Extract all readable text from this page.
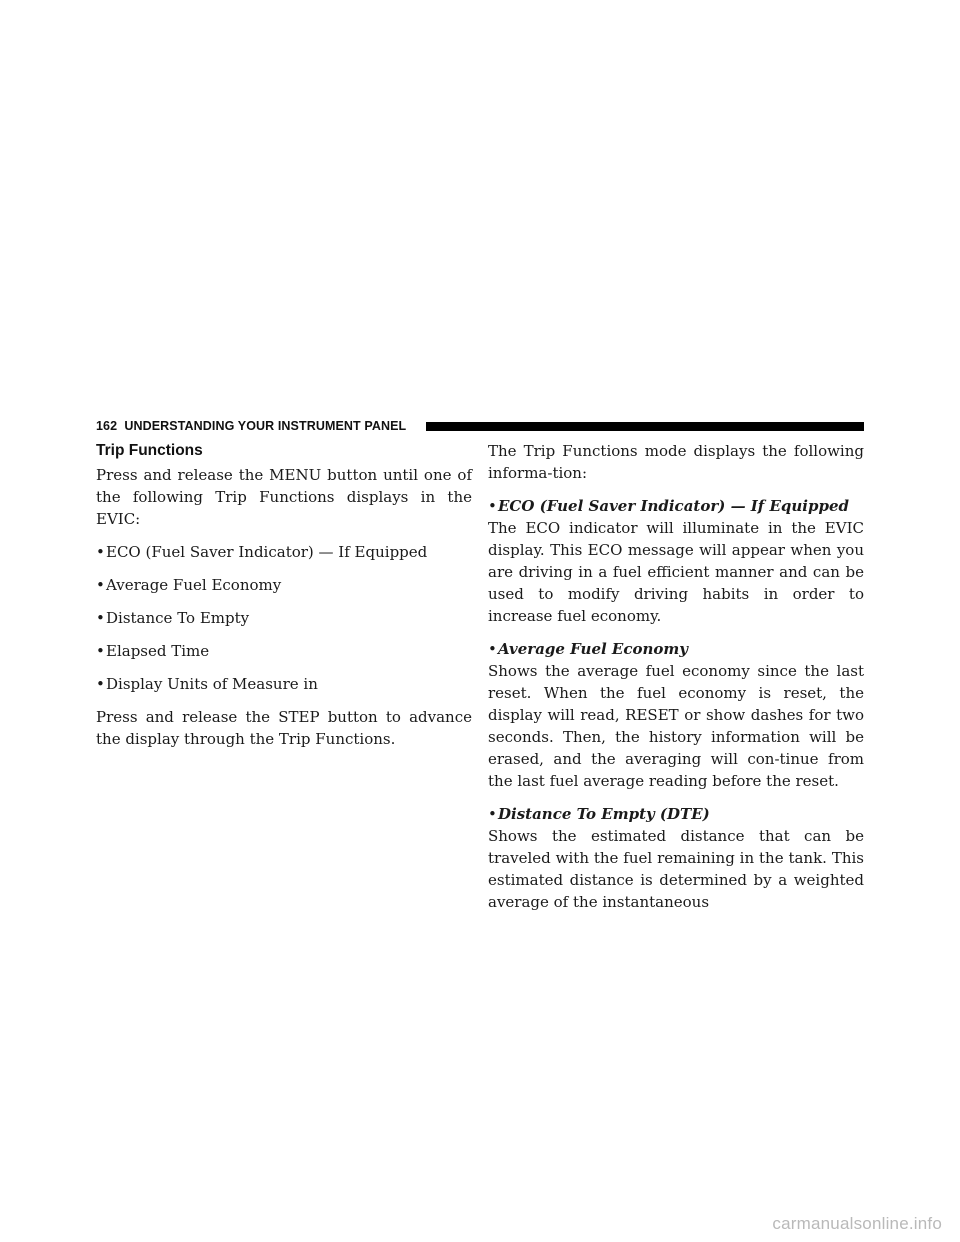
162 UNDERSTANDING YOUR INSTRUMENT PANEL
Trip Functions

Press and release the MENU button until one of the following Trip Functions displays in the EVIC:

• ECO (Fuel Saver Indicator) — If Equipped
• Average Fuel Economy
• Distance To Empty
• Elapsed Time
• Display Units of Measure in

Press and release the STEP button to advance the display through the Trip Functions.

The Trip Functions mode displays the following informa-tion:

• ECO (Fuel Saver Indicator) — If Equipped

The ECO indicator will illuminate in the EVIC display. This ECO message will appear when you are driving in a fuel efficient manner and can be used to modify driving habits in order to increase fuel economy.

• Average Fuel Economy

Shows the average fuel economy since the last reset. When the fuel economy is reset, the display will read, RESET or show dashes for two seconds. Then, the history information will be erased, and the averaging will con-tinue from the last fuel average reading before the reset.

• Distance To Empty (DTE)

Shows the estimated distance that can be traveled with the fuel remaining in the tank. This estimated distance is determined by a weighted average of the instantaneous

carmanualsonline.info
